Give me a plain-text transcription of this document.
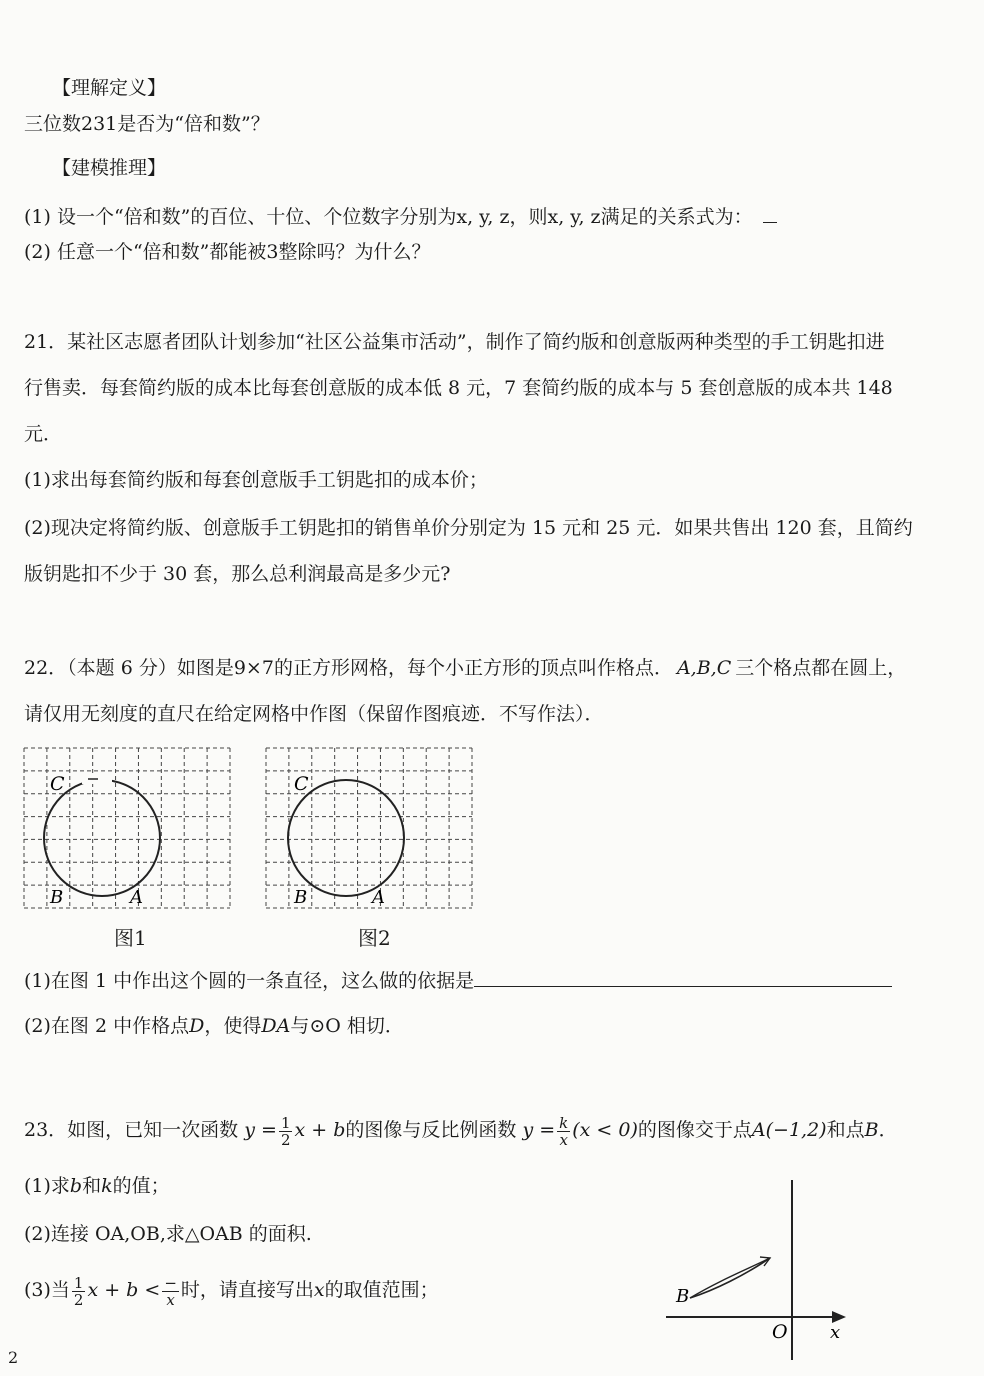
【理解定义】
三位数231是否为“倍和数”？
【建模推理】
(1) 设一个“倍和数”的百位、十位、个位数字分别为x, y, z，则x, y, z满足的关系式为：
(2) 任意一个“倍和数”都能被3整除吗？为什么？
21．某社区志愿者团队计划参加“社区公益集市活动”，制作了简约版和创意版两种类型的手工钥匙扣进
行售卖．每套简约版的成本比每套创意版的成本低 8 元，7 套简约版的成本与 5 套创意版的成本共 148
元．
(1)求出每套简约版和每套创意版手工钥匙扣的成本价；
(2)现决定将简约版、创意版手工钥匙扣的销售单价分别定为 15 元和 25 元．如果共售出 120 套，且简约
版钥匙扣不少于 30 套，那么总利润最高是多少元?
22．（本题 6 分）如图是9×7的正方形网格，每个小正方形的顶点叫作格点． A,B,C 三个格点都在圆上，
请仅用无刻度的直尺在给定网格中作图（保留作图痕迹．不写作法）．
C
B	A
图1
C
B	A
图2
(1)在图 1 中作出这个圆的一条直径，这么做的依据是
(2)在图 2 中作格点D，使得DA与⊙O 相切．
23．如图，已知一次函数 $y = \frac{1}{2}$ x + b的图像与反比例函数 $y = \frac{k}{x} (x < 0)$的图像交于点A(−1,2)和点B．
(1)求b和k的值；
(2)连接 OA,OB,求△OAB 的面积.
(3)当 $\frac{1}{2}$ $x + b < \frac{-}{x}$ 时，请直接写出x的取值范围；	B
O x
2
